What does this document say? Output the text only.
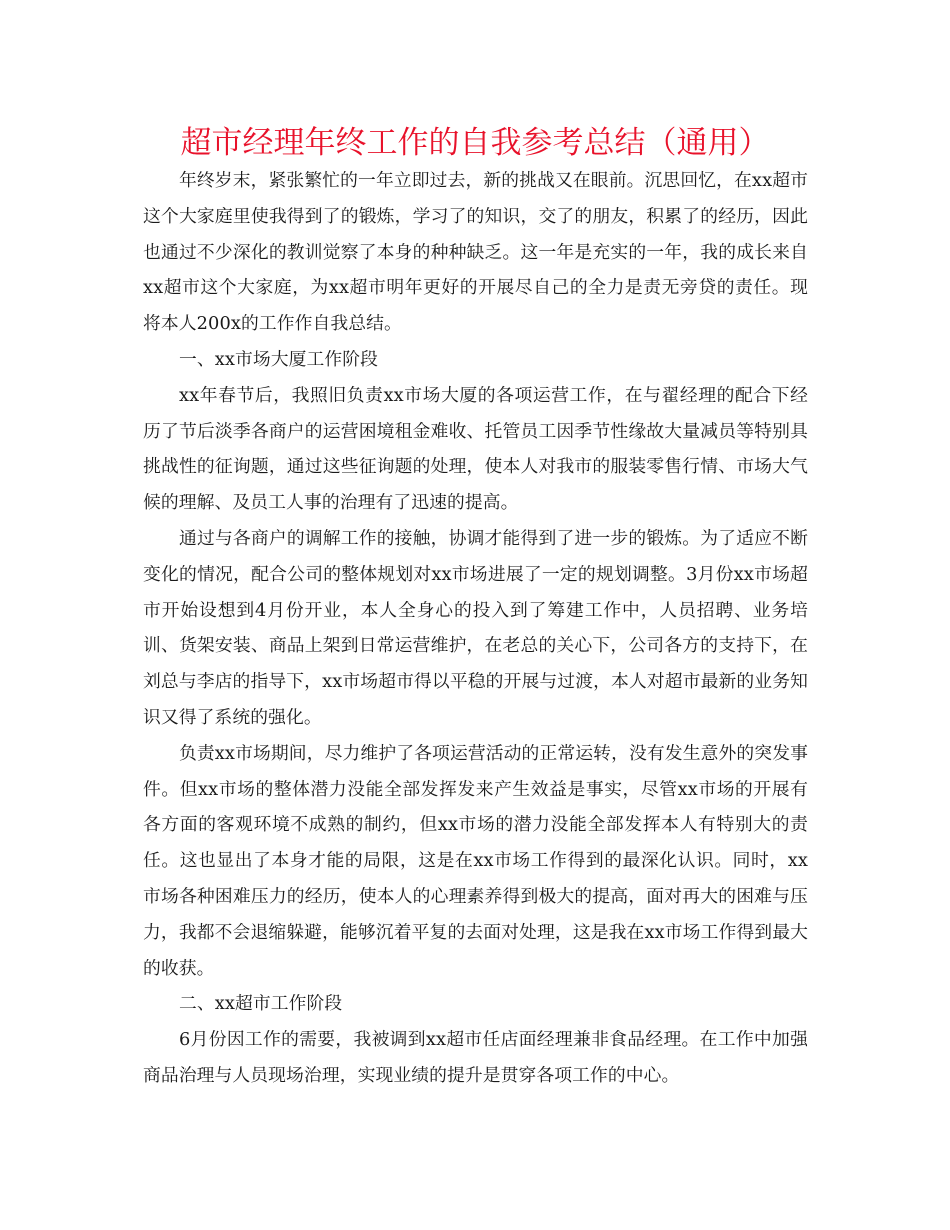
超市经理年终工作的自我参考总结（通用）

年终岁末，紧张繁忙的一年立即过去，新的挑战又在眼前。沉思回忆，在xx超市这个大家庭里使我得到了的锻炼，学习了的知识，交了的朋友，积累了的经历，因此也通过不少深化的教训觉察了本身的种种缺乏。这一年是充实的一年，我的成长来自xx超市这个大家庭，为xx超市明年更好的开展尽自己的全力是责无旁贷的责任。现将本人200x的工作作自我总结。

一、xx市场大厦工作阶段

xx年春节后，我照旧负责xx市场大厦的各项运营工作，在与翟经理的配合下经历了节后淡季各商户的运营困境租金难收、托管员工因季节性缘故大量减员等特别具挑战性的征询题，通过这些征询题的处理，使本人对我市的服装零售行情、市场大气候的理解、及员工人事的治理有了迅速的提高。

通过与各商户的调解工作的接触，协调才能得到了进一步的锻炼。为了适应不断变化的情况，配合公司的整体规划对xx市场进展了一定的规划调整。3月份xx市场超市开始设想到4月份开业，本人全身心的投入到了筹建工作中，人员招聘、业务培训、货架安装、商品上架到日常运营维护，在老总的关心下，公司各方的支持下，在刘总与李店的指导下，xx市场超市得以平稳的开展与过渡，本人对超市最新的业务知识又得了系统的强化。

负责xx市场期间，尽力维护了各项运营活动的正常运转，没有发生意外的突发事件。但xx市场的整体潜力没能全部发挥发来产生效益是事实，尽管xx市场的开展有各方面的客观环境不成熟的制约，但xx市场的潜力没能全部发挥本人有特别大的责任。这也显出了本身才能的局限，这是在xx市场工作得到的最深化认识。同时，xx市场各种困难压力的经历，使本人的心理素养得到极大的提高，面对再大的困难与压力，我都不会退缩躲避，能够沉着平复的去面对处理，这是我在xx市场工作得到最大的收获。

二、xx超市工作阶段

6月份因工作的需要，我被调到xx超市任店面经理兼非食品经理。在工作中加强商品治理与人员现场治理，实现业绩的提升是贯穿各项工作的中心。
